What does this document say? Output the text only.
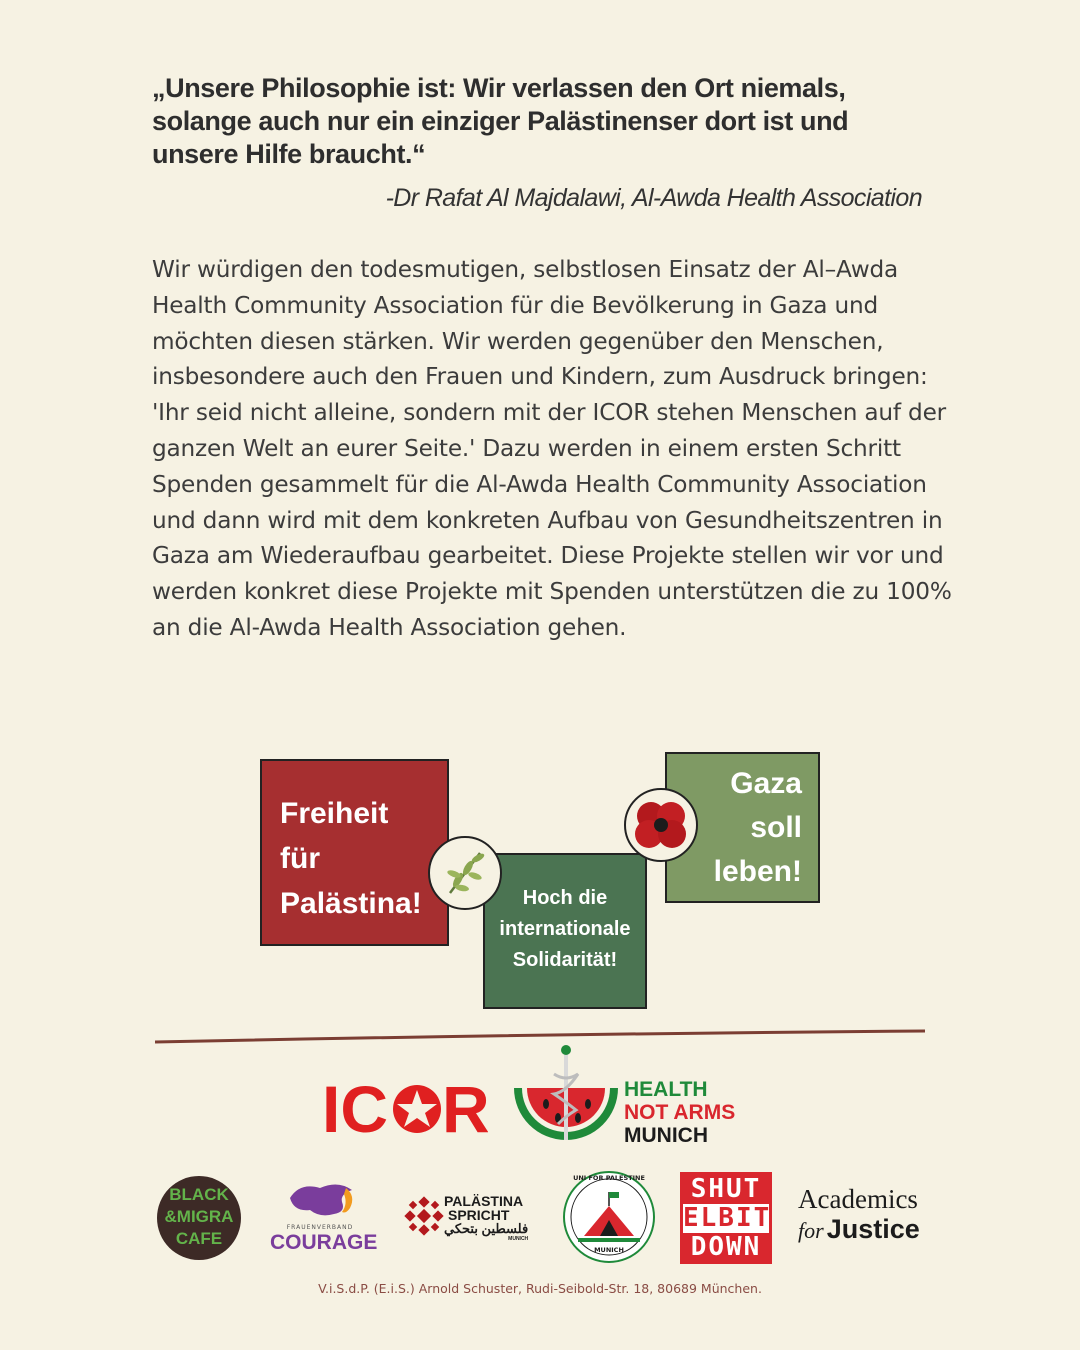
„Unsere Philosophie ist: Wir verlassen den Ort niemals, solange auch nur ein einziger Palästinenser dort ist und unsere Hilfe braucht.“

-Dr Rafat Al Majdalawi, Al-Awda Health Association

Wir würdigen den todesmutigen, selbstlosen Einsatz der Al–Awda Health Community Association für die Bevölkerung in Gaza und möchten diesen stärken. Wir werden gegenüber den Menschen, insbesondere auch den Frauen und Kindern, zum Ausdruck bringen: 'Ihr seid nicht alleine, sondern mit der ICOR stehen Menschen auf der ganzen Welt an eurer Seite.' Dazu werden in einem ersten Schritt Spenden gesammelt für die Al-Awda Health Community Association und dann wird mit dem konkreten Aufbau von Gesundheitszentren in Gaza am Wiederaufbau gearbeitet. Diese Projekte stellen wir vor und werden konkret diese Projekte mit Spenden unterstützen die zu 100% an die Al-Awda Health Association gehen.

Freiheit
für
Palästina!	Hoch die
internationale
Solidarität!
Gaza
soll
leben!
IC R	HEALTH
NOT ARMS
MUNICH
BLACK
&MIGRA
CAFE
FRAUENVERBAND
COURAGE
PALÄSTINA
SPRICHT
فلسطين بتحكي
MUNICH
UNI FOR PALESTINE
MUNICH
SHUT
ELBIT
DOWN
Academics
for Justice
V.i.S.d.P. (E.i.S.) Arnold Schuster, Rudi-Seibold-Str. 18, 80689 München.
